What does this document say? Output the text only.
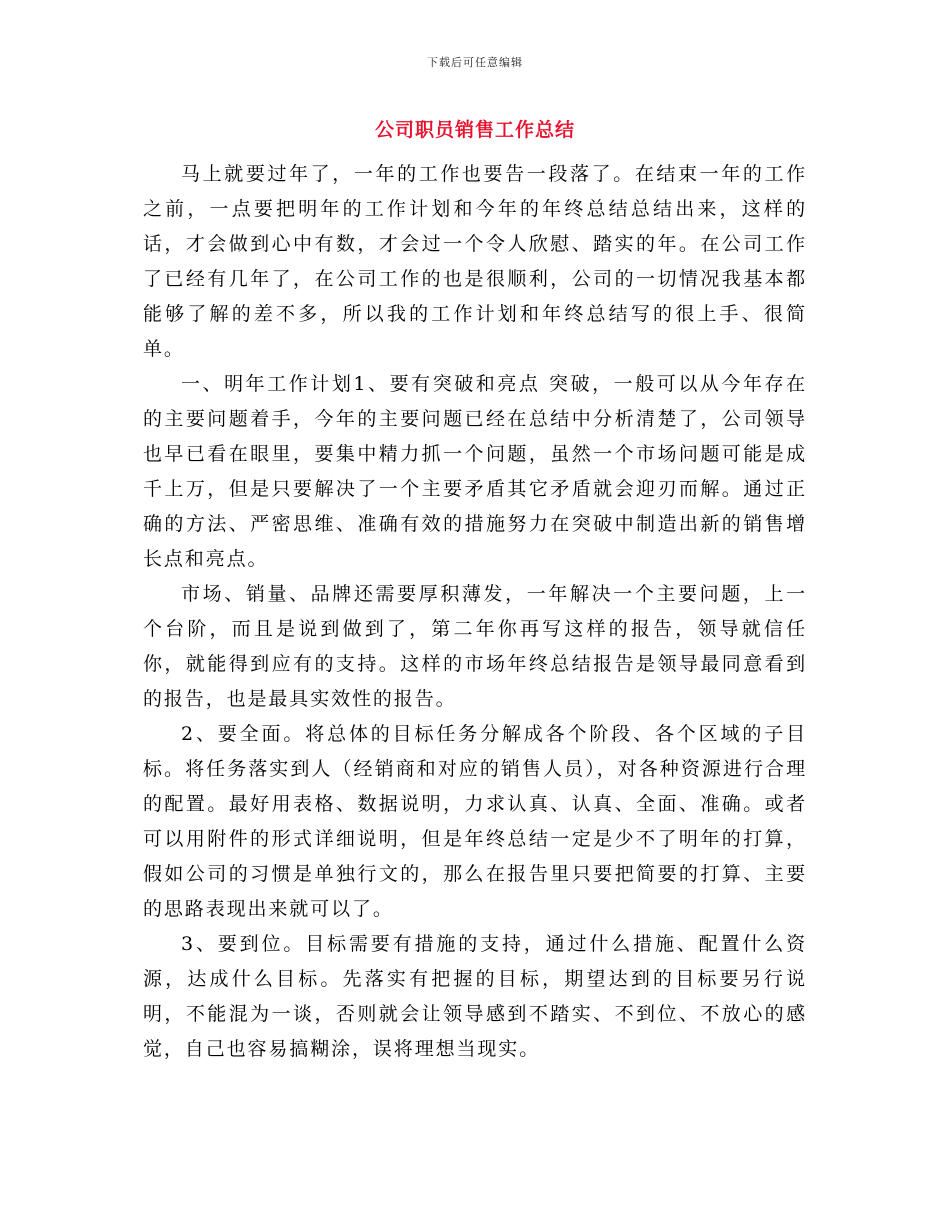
下载后可任意编辑
公司职员销售工作总结

马上就要过年了，一年的工作也要告一段落了。在结束一年的工作之前，一点要把明年的工作计划和今年的年终总结总结出来，这样的话，才会做到心中有数，才会过一个令人欣慰、踏实的年。在公司工作了已经有几年了，在公司工作的也是很顺利，公司的一切情况我基本都能够了解的差不多，所以我的工作计划和年终总结写的很上手、很简单。

一、明年工作计划1、要有突破和亮点 突破，一般可以从今年存在的主要问题着手，今年的主要问题已经在总结中分析清楚了，公司领导也早已看在眼里，要集中精力抓一个问题，虽然一个市场问题可能是成千上万，但是只要解决了一个主要矛盾其它矛盾就会迎刃而解。通过正确的方法、严密思维、准确有效的措施努力在突破中制造出新的销售增长点和亮点。

市场、销量、品牌还需要厚积薄发，一年解决一个主要问题，上一个台阶，而且是说到做到了，第二年你再写这样的报告，领导就信任你，就能得到应有的支持。这样的市场年终总结报告是领导最同意看到的报告，也是最具实效性的报告。

2、要全面。将总体的目标任务分解成各个阶段、各个区域的子目标。将任务落实到人（经销商和对应的销售人员），对各种资源进行合理的配置。最好用表格、数据说明，力求认真、认真、全面、准确。或者可以用附件的形式详细说明，但是年终总结一定是少不了明年的打算，假如公司的习惯是单独行文的，那么在报告里只要把简要的打算、主要的思路表现出来就可以了。

3、要到位。目标需要有措施的支持，通过什么措施、配置什么资源，达成什么目标。先落实有把握的目标，期望达到的目标要另行说明，不能混为一谈，否则就会让领导感到不踏实、不到位、不放心的感觉，自己也容易搞糊涂，误将理想当现实。
